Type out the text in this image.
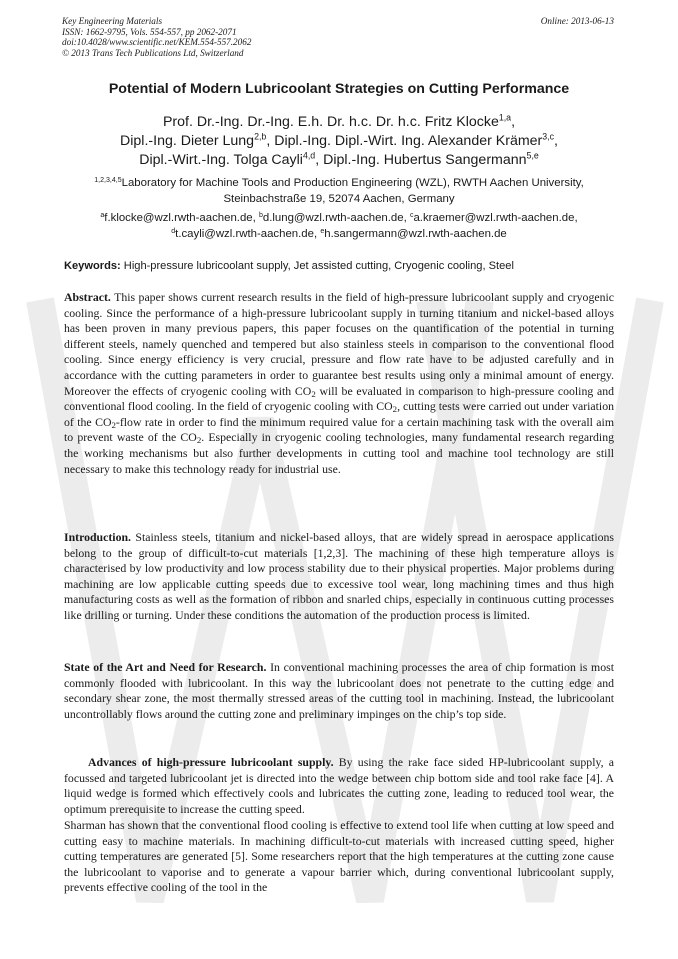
Key Engineering Materials
ISSN: 1662-9795, Vols. 554-557, pp 2062-2071
doi:10.4028/www.scientific.net/KEM.554-557.2062
© 2013 Trans Tech Publications Ltd, Switzerland
Online: 2013-06-13
Potential of Modern Lubricoolant Strategies on Cutting Performance
Prof. Dr.-Ing. Dr.-Ing. E.h. Dr. h.c. Dr. h.c. Fritz Klocke$^{1,a}$,
Dipl.-Ing. Dieter Lung$^{2,b}$, Dipl.-Ing. Dipl.-Wirt. Ing. Alexander Krämer$^{3,c}$,
Dipl.-Wirt.-Ing. Tolga Cayli$^{4,d}$, Dipl.-Ing. Hubertus Sangermann$^{5,e}$
$^{1,2,3,4,5}$Laboratory for Machine Tools and Production Engineering (WZL), RWTH Aachen University,
Steinbachstraße 19, 52074 Aachen, Germany
$^a$f.klocke@wzl.rwth-aachen.de, $^b$d.lung@wzl.rwth-aachen.de, $^c$a.kraemer@wzl.rwth-aachen.de,
$^d$t.cayli@wzl.rwth-aachen.de, $^e$h.sangermann@wzl.rwth-aachen.de
Keywords: High-pressure lubricoolant supply, Jet assisted cutting, Cryogenic cooling, Steel

Abstract. This paper shows current research results in the field of high-pressure lubricoolant supply and cryogenic cooling. Since the performance of a high-pressure lubricoolant supply in turning titanium and nickel-based alloys has been proven in many previous papers, this paper focuses on the quantification of the potential in turning different steels, namely quenched and tempered but also stainless steels in comparison to the conventional flood cooling. Since energy efficiency is very crucial, pressure and flow rate have to be adjusted carefully and in accordance with the cutting parameters in order to guarantee best results using only a minimal amount of energy. Moreover the effects of cryogenic cooling with $CO_2$ will be evaluated in comparison to high-pressure cooling and conventional flood cooling. In the field of cryogenic cooling with $CO_2$, cutting tests were carried out under variation of the $CO_2$-flow rate in order to find the minimum required value for a certain machining task with the overall aim to prevent waste of the $CO_2$. Especially in cryogenic cooling technologies, many fundamental research regarding the working mechanisms but also further developments in cutting tool and machine tool technology are still necessary to make this technology ready for industrial use.

Introduction. Stainless steels, titanium and nickel-based alloys, that are widely spread in aerospace applications belong to the group of difficult-to-cut materials [1,2,3]. The machining of these high temperature alloys is characterised by low productivity and low process stability due to their physical properties. Major problems during machining are low applicable cutting speeds due to excessive tool wear, long machining times and thus high manufacturing costs as well as the formation of ribbon and snarled chips, especially in continuous cutting processes like drilling or turning. Under these conditions the automation of the production process is limited.

State of the Art and Need for Research. In conventional machining processes the area of chip formation is most commonly flooded with lubricoolant. In this way the lubricoolant does not penetrate to the cutting edge and secondary shear zone, the most thermally stressed areas of the cutting tool in machining. Instead, the lubricoolant uncontrollably flows around the cutting zone and preliminary impinges on the chip’s top side.

Advances of high-pressure lubricoolant supply. By using the rake face sided HP-lubricoolant supply, a focussed and targeted lubricoolant jet is directed into the wedge between chip bottom side and tool rake face [4]. A liquid wedge is formed which effectively cools and lubricates the cutting zone, leading to reduced tool wear, the optimum prerequisite to increase the cutting speed.

Sharman has shown that the conventional flood cooling is effective to extend tool life when cutting at low speed and cutting easy to machine materials. In machining difficult-to-cut materials with increased cutting speed, higher cutting temperatures are generated [5]. Some researchers report that the high temperatures at the cutting zone cause the lubricoolant to vaporise and to generate a vapour barrier which, during conventional lubricoolant supply, prevents effective cooling of the tool in the
